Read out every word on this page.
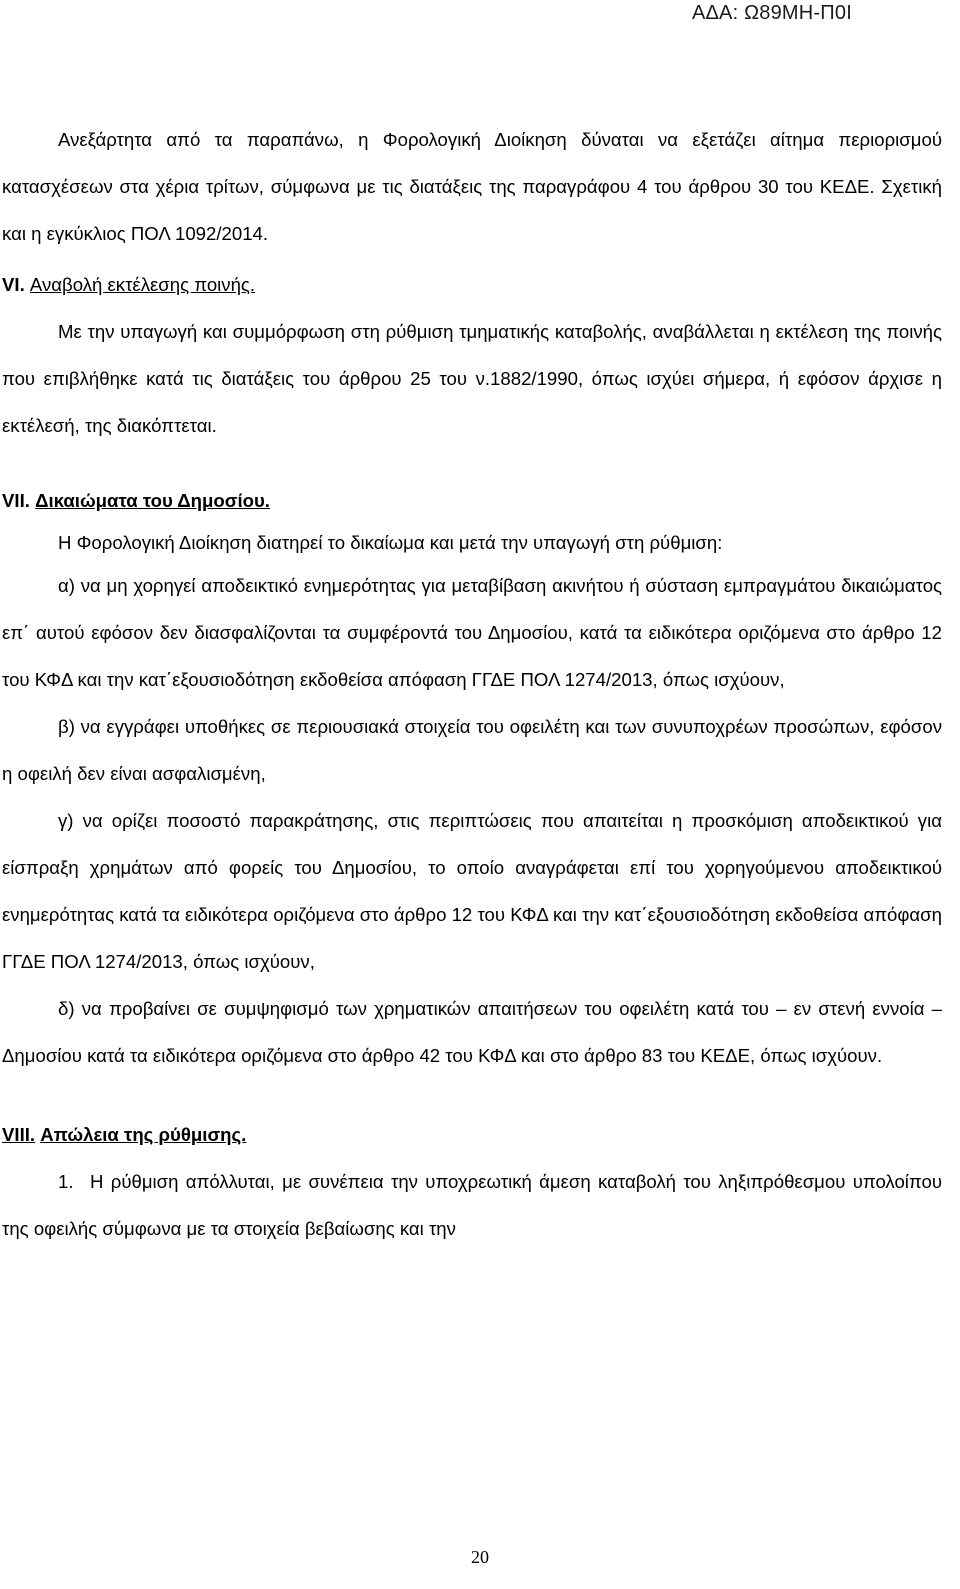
ΑΔΑ: Ω89ΜΗ-Π0Ι

Ανεξάρτητα από τα παραπάνω, η Φορολογική Διοίκηση δύναται να εξετάζει αίτημα περιορισμού κατασχέσεων στα χέρια τρίτων, σύμφωνα με τις διατάξεις της παραγράφου 4 του άρθρου 30 του ΚΕΔΕ. Σχετική και η εγκύκλιος ΠΟΛ 1092/2014.

VI. Αναβολή εκτέλεσης ποινής.

Με την υπαγωγή και συμμόρφωση στη ρύθμιση τμηματικής καταβολής, αναβάλλεται η εκτέλεση της ποινής που επιβλήθηκε κατά τις διατάξεις του άρθρου 25 του ν.1882/1990, όπως ισχύει σήμερα, ή εφόσον άρχισε η εκτέλεσή, της διακόπτεται.

VII. Δικαιώματα του Δημοσίου.

Η Φορολογική Διοίκηση διατηρεί το δικαίωμα και μετά την υπαγωγή στη ρύθμιση:

α) να μη χορηγεί αποδεικτικό ενημερότητας για μεταβίβαση ακινήτου ή σύσταση εμπραγμάτου δικαιώματος επ΄ αυτού εφόσον δεν διασφαλίζονται τα συμφέροντά του Δημοσίου, κατά τα ειδικότερα οριζόμενα στο άρθρο 12 του ΚΦΔ και την κατ΄εξουσιοδότηση εκδοθείσα απόφαση ΓΓΔΕ ΠΟΛ 1274/2013, όπως ισχύουν,

β) να εγγράφει υποθήκες σε περιουσιακά στοιχεία του οφειλέτη και των συνυποχρέων προσώπων, εφόσον η οφειλή δεν είναι ασφαλισμένη,

γ) να ορίζει ποσοστό παρακράτησης, στις περιπτώσεις που απαιτείται η προσκόμιση αποδεικτικού για είσπραξη χρημάτων από φορείς του Δημοσίου, το οποίο αναγράφεται επί του χορηγούμενου αποδεικτικού ενημερότητας κατά τα ειδικότερα οριζόμενα στο άρθρο 12 του ΚΦΔ και την κατ΄εξουσιοδότηση εκδοθείσα απόφαση ΓΓΔΕ ΠΟΛ 1274/2013, όπως ισχύουν,

δ) να προβαίνει σε συμψηφισμό των χρηματικών απαιτήσεων του οφειλέτη κατά του – εν στενή εννοία – Δημοσίου κατά τα ειδικότερα οριζόμενα στο άρθρο 42 του ΚΦΔ και στο άρθρο 83 του ΚΕΔΕ, όπως ισχύουν.

VIII. Απώλεια της ρύθμισης.

1. Η ρύθμιση απόλλυται, με συνέπεια την υποχρεωτική άμεση καταβολή του ληξιπρόθεσμου υπολοίπου της οφειλής σύμφωνα με τα στοιχεία βεβαίωσης και την

20
